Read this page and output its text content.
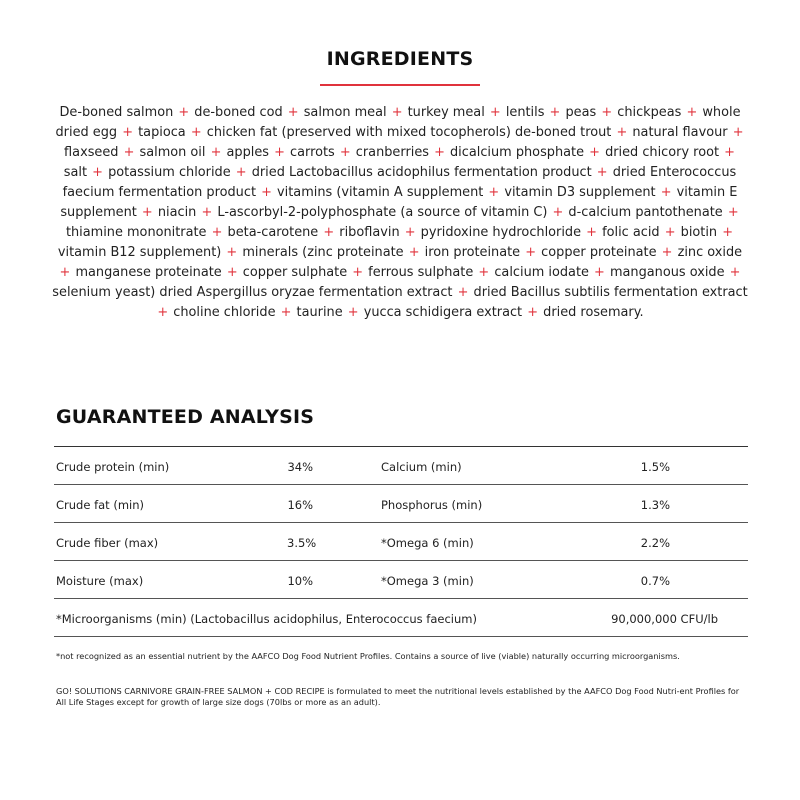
INGREDIENTS
De-boned salmon + de-boned cod + salmon meal + turkey meal + lentils + peas + chickpeas + whole dried egg + tapioca + chicken fat (preserved with mixed tocopherols) de-boned trout + natural flavour + flaxseed + salmon oil + apples + carrots + cranberries + dicalcium phosphate + dried chicory root + salt + potassium chloride + dried Lactobacillus acidophilus fermentation product + dried Enterococcus faecium fermentation product + vitamins (vitamin A supplement + vitamin D3 supplement + vitamin E supplement + niacin + L-ascorbyl-2-polyphosphate (a source of vitamin C) + d-calcium pantothenate + thiamine mononitrate + beta-carotene + riboflavin + pyridoxine hydrochloride + folic acid + biotin + vitamin B12 supplement) + minerals (zinc proteinate + iron proteinate + copper proteinate + zinc oxide + manganese proteinate + copper sulphate + ferrous sulphate + calcium iodate + manganous oxide + selenium yeast) dried Aspergillus oryzae fermentation extract + dried Bacillus subtilis fermentation extract + choline chloride + taurine + yucca schidigera extract + dried rosemary.
GUARANTEED ANALYSIS
Crude protein (min)	34%	Calcium (min)	1.5%
Crude fat (min)	16%	Phosphorus (min)	1.3%
Crude fiber (max)	3.5%	*Omega 6 (min)	2.2%
Moisture (max)	10%	*Omega 3 (min)	0.7%
*Microorganisms (min) (Lactobacillus acidophilus, Enterococcus faecium)	90,000,000 CFU/lb
*not recognized as an essential nutrient by the AAFCO Dog Food Nutrient Profiles. Contains a source of live (viable) naturally occurring microorganisms.
GO! SOLUTIONS CARNIVORE GRAIN-FREE SALMON + COD RECIPE is formulated to meet the nutritional levels established by the AAFCO Dog Food Nutri-ent Profiles for All Life Stages except for growth of large size dogs (70lbs or more as an adult).
